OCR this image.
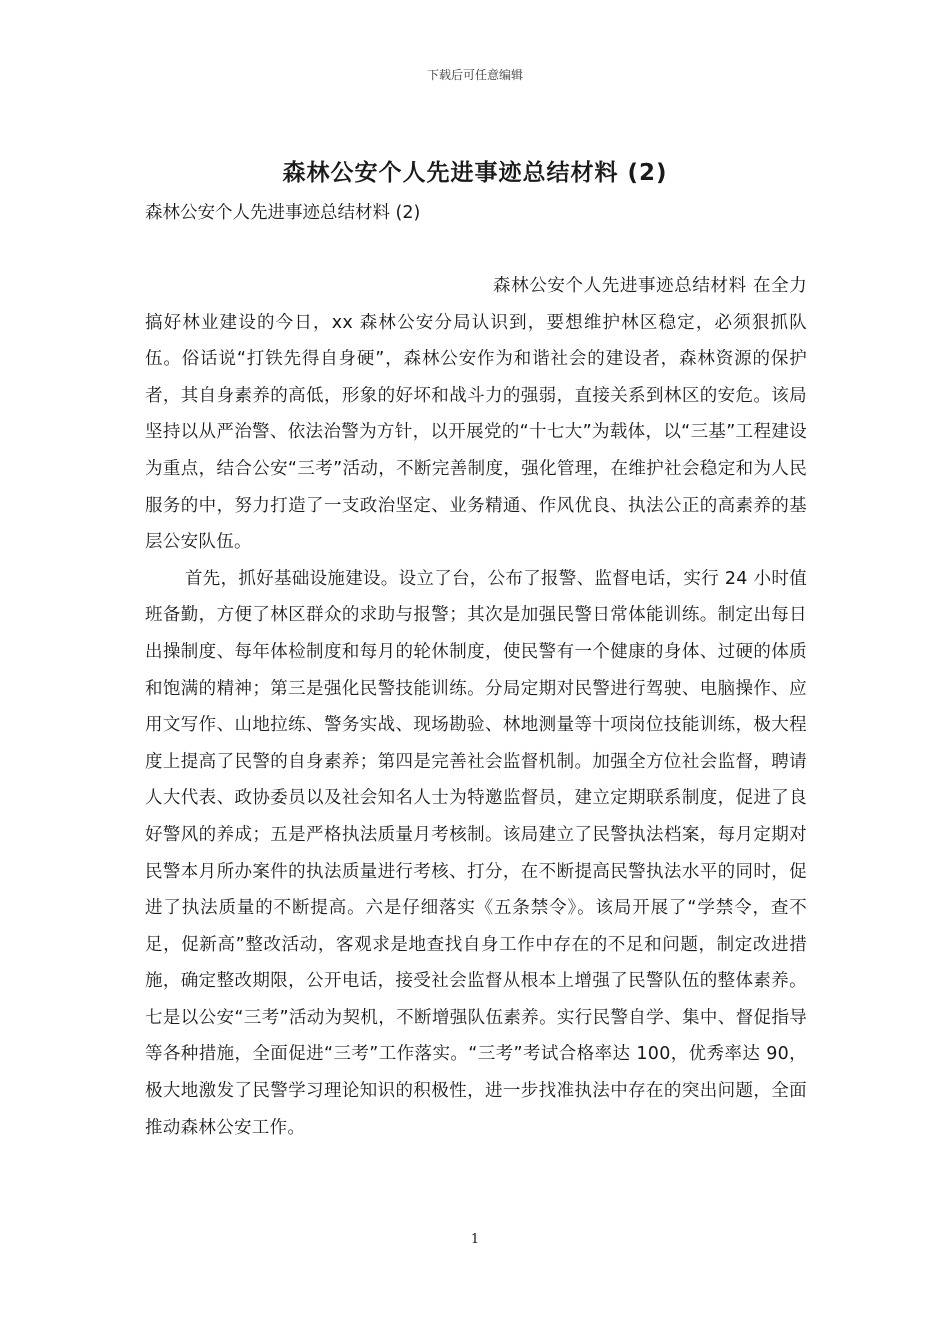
下载后可任意编辑
森林公安个人先进事迹总结材料 (2)

森林公安个人先进事迹总结材料 (2)

森林公安个人先进事迹总结材料 在全力搞好林业建设的今日，xx 森林公安分局认识到，要想维护林区稳定，必须狠抓队伍。俗话说“打铁先得自身硬”，森林公安作为和谐社会的建设者，森林资源的保护者，其自身素养的高低，形象的好坏和战斗力的强弱，直接关系到林区的安危。该局坚持以从严治警、依法治警为方针，以开展党的“十七大”为载体，以“三基”工程建设为重点，结合公安“三考”活动，不断完善制度，强化管理，在维护社会稳定和为人民服务的中，努力打造了一支政治坚定、业务精通、作风优良、执法公正的高素养的基层公安队伍。

首先，抓好基础设施建设。设立了台，公布了报警、监督电话，实行 24 小时值班备勤，方便了林区群众的求助与报警；其次是加强民警日常体能训练。制定出每日出操制度、每年体检制度和每月的轮休制度，使民警有一个健康的身体、过硬的体质和饱满的精神；第三是强化民警技能训练。分局定期对民警进行驾驶、电脑操作、应用文写作、山地拉练、警务实战、现场勘验、林地测量等十项岗位技能训练，极大程度上提高了民警的自身素养；第四是完善社会监督机制。加强全方位社会监督，聘请人大代表、政协委员以及社会知名人士为特邀监督员，建立定期联系制度，促进了良好警风的养成；五是严格执法质量月考核制。该局建立了民警执法档案，每月定期对民警本月所办案件的执法质量进行考核、打分，在不断提高民警执法水平的同时，促进了执法质量的不断提高。六是仔细落实《五条禁令》。该局开展了“学禁令，查不足，促新高”整改活动，客观求是地查找自身工作中存在的不足和问题，制定改进措施，确定整改期限，公开电话，接受社会监督从根本上增强了民警队伍的整体素养。七是以公安“三考”活动为契机，不断增强队伍素养。实行民警自学、集中、督促指导等各种措施，全面促进“三考”工作落实。“三考”考试合格率达 100，优秀率达 90，极大地激发了民警学习理论知识的积极性，进一步找准执法中存在的突出问题，全面推动森林公安工作。

1
